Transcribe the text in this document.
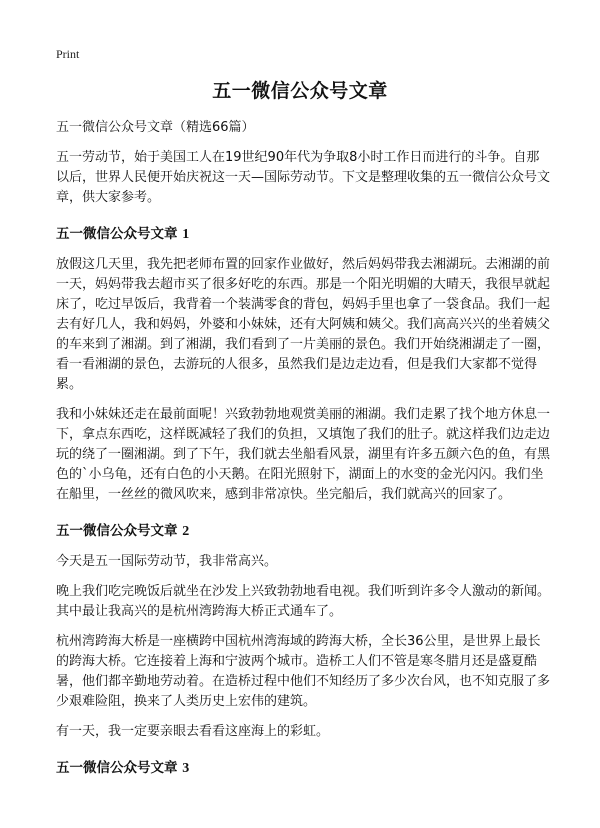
Print
五一微信公众号文章

五一微信公众号文章（精选66篇）

五一劳动节，始于美国工人在19世纪90年代为争取8小时工作日而进行的斗争。自那以后，世界人民便开始庆祝这一天—国际劳动节。下文是整理收集的五一微信公众号文章，供大家参考。

五一微信公众号文章 1

放假这几天里，我先把老师布置的回家作业做好，然后妈妈带我去湘湖玩。去湘湖的前一天，妈妈带我去超市买了很多好吃的东西。那是一个阳光明媚的大晴天，我很早就起床了，吃过早饭后，我背着一个装满零食的背包，妈妈手里也拿了一袋食品。我们一起去有好几人，我和妈妈，外婆和小妹妹，还有大阿姨和姨父。我们高高兴兴的坐着姨父的车来到了湘湖。到了湘湖，我们看到了一片美丽的景色。我们开始绕湘湖走了一圈，看一看湘湖的景色，去游玩的人很多，虽然我们是边走边看，但是我们大家都不觉得累。

我和小妹妹还走在最前面呢！兴致勃勃地观赏美丽的湘湖。我们走累了找个地方休息一下，拿点东西吃，这样既减轻了我们的负担，又填饱了我们的肚子。就这样我们边走边玩的绕了一圈湘湖。到了下午，我们就去坐船看风景，湖里有许多五颜六色的鱼，有黑色的`小乌龟，还有白色的小天鹅。在阳光照射下，湖面上的水变的金光闪闪。我们坐在船里，一丝丝的微风吹来，感到非常凉快。坐完船后，我们就高兴的回家了。

五一微信公众号文章 2

今天是五一国际劳动节，我非常高兴。

晚上我们吃完晚饭后就坐在沙发上兴致勃勃地看电视。我们听到许多令人激动的新闻。其中最让我高兴的是杭州湾跨海大桥正式通车了。

杭州湾跨海大桥是一座横跨中国杭州湾海域的跨海大桥，全长36公里，是世界上最长的跨海大桥。它连接着上海和宁波两个城市。造桥工人们不管是寒冬腊月还是盛夏酷暑，他们都辛勤地劳动着。在造桥过程中他们不知经历了多少次台风，也不知克服了多少艰难险阻，换来了人类历史上宏伟的建筑。

有一天，我一定要亲眼去看看这座海上的彩虹。

五一微信公众号文章 3
